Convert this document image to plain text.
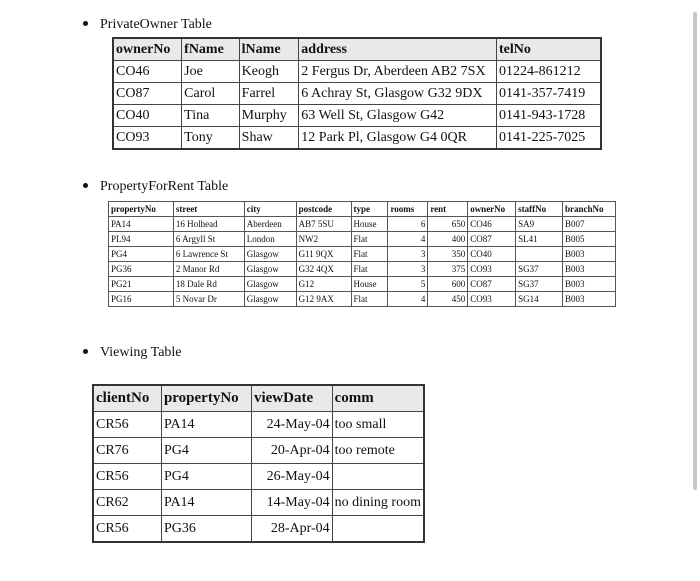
PrivateOwner Table
ownerNo	fName	lName	address	telNo
CO46	Joe	Keogh	2 Fergus Dr, Aberdeen AB2 7SX	01224-861212
CO87	Carol	Farrel	6 Achray St, Glasgow G32 9DX	0141-357-7419
CO40	Tina	Murphy	63 Well St, Glasgow G42	0141-943-1728
CO93	Tony	Shaw	12 Park Pl, Glasgow G4 0QR	0141-225-7025
PropertyForRent Table
propertyNo	street	city	postcode	type	rooms	rent	ownerNo	staffNo	branchNo
PA14	16 Holhead	Aberdeen	AB7 5SU	House	6	650	CO46	SA9	B007
PL94	6 Argyll St	London	NW2	Flat	4	400	CO87	SL41	B005
PG4	6 Lawrence St	Glasgow	G11 9QX	Flat	3	350	CO40		B003
PG36	2 Manor Rd	Glasgow	G32 4QX	Flat	3	375	CO93	SG37	B003
PG21	18 Dale Rd	Glasgow	G12	House	5	600	CO87	SG37	B003
PG16	5 Novar Dr	Glasgow	G12 9AX	Flat	4	450	CO93	SG14	B003
Viewing Table
clientNo	propertyNo	viewDate	comm
CR56	PA14	24-May-04	too small
CR76	PG4	20-Apr-04	too remote
CR56	PG4	26-May-04	
CR62	PA14	14-May-04	no dining room
CR56	PG36	28-Apr-04	
